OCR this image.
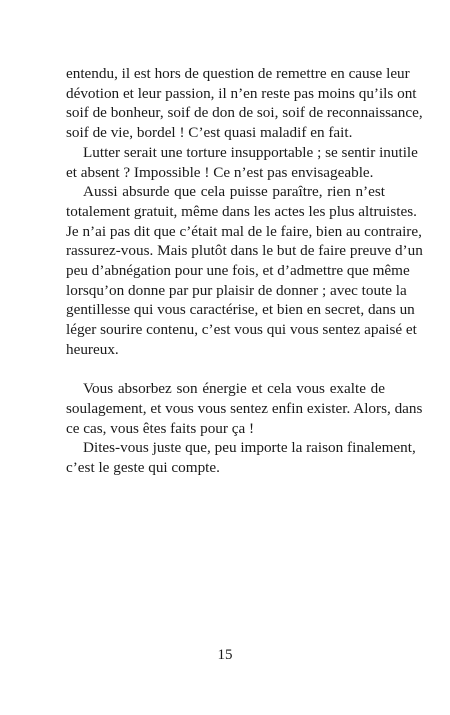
entendu, il est hors de question de remettre en cause leur
dévotion et leur passion, il n’en reste pas moins qu’ils ont
soif de bonheur, soif de don de soi, soif de reconnaissance,
soif de vie, bordel ! C’est quasi maladif en fait.
Lutter serait une torture insupportable ; se sentir inutile
et absent ? Impossible ! Ce n’est pas envisageable.
Aussi absurde que cela puisse paraître, rien n’est
totalement gratuit, même dans les actes les plus altruistes.
Je n’ai pas dit que c’était mal de le faire, bien au contraire,
rassurez-vous. Mais plutôt dans le but de faire preuve d’un
peu d’abnégation pour une fois, et d’admettre que même
lorsqu’on donne par pur plaisir de donner ; avec toute la
gentillesse qui vous caractérise, et bien en secret, dans un
léger sourire contenu, c’est vous qui vous sentez apaisé et
heureux.
Vous absorbez son énergie et cela vous exalte de
soulagement, et vous vous sentez enfin exister. Alors, dans
ce cas, vous êtes faits pour ça !
Dites-vous juste que, peu importe la raison finalement,
c’est le geste qui compte.
15
